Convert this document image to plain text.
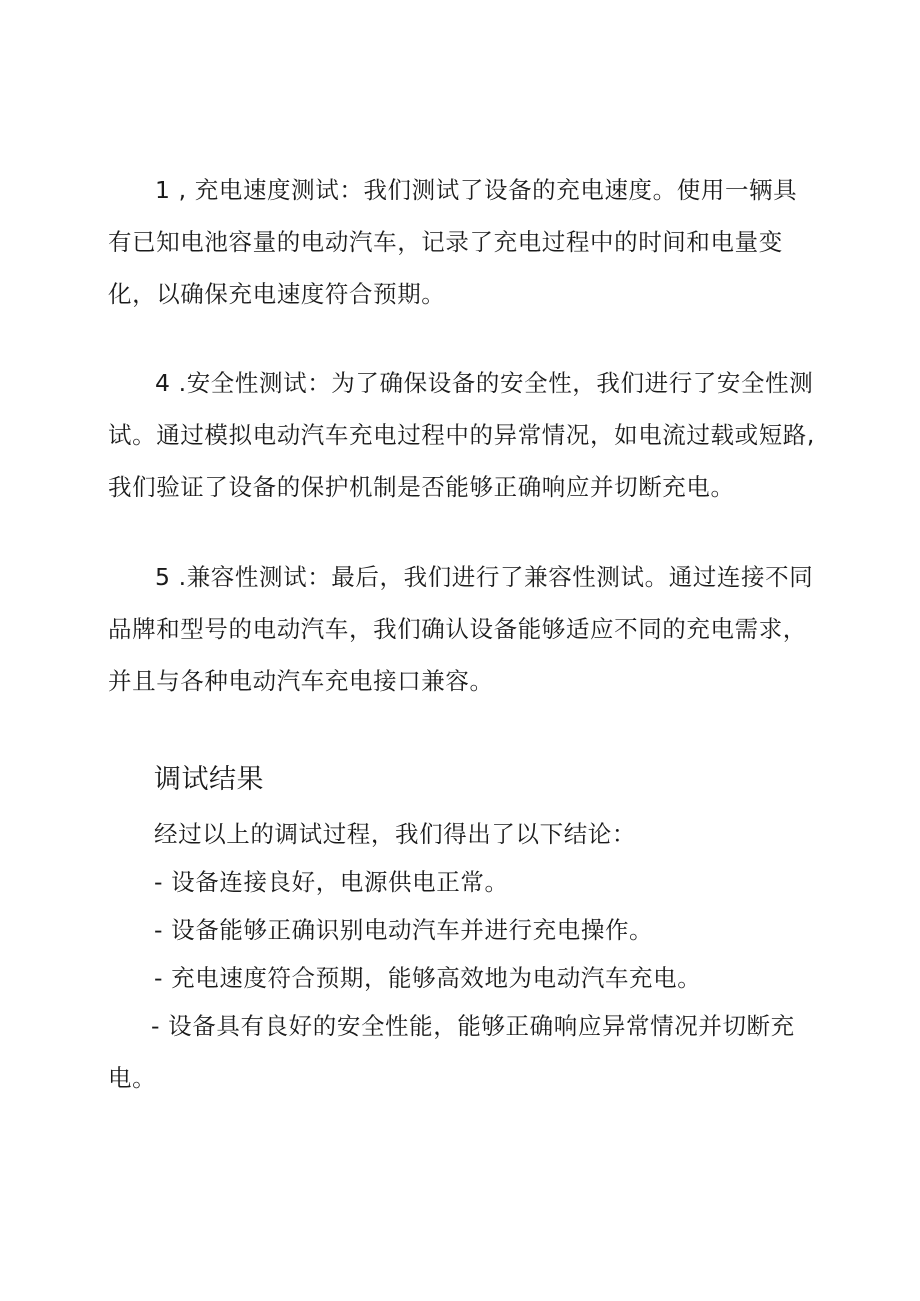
1 , 充电速度测试：我们测试了设备的充电速度。使用一辆具有已知电池容量的电动汽车，记录了充电过程中的时间和电量变化，以确保充电速度符合预期。

4 .安全性测试：为了确保设备的安全性，我们进行了安全性测试。通过模拟电动汽车充电过程中的异常情况，如电流过载或短路, 我们验证了设备的保护机制是否能够正确响应并切断充电。

5 .兼容性测试：最后，我们进行了兼容性测试。通过连接不同品牌和型号的电动汽车，我们确认设备能够适应不同的充电需求，并且与各种电动汽车充电接口兼容。

调试结果

经过以上的调试过程，我们得出了以下结论：

- 设备连接良好，电源供电正常。

- 设备能够正确识别电动汽车并进行充电操作。

- 充电速度符合预期，能够高效地为电动汽车充电。

- 设备具有良好的安全性能，能够正确响应异常情况并切断充电。
